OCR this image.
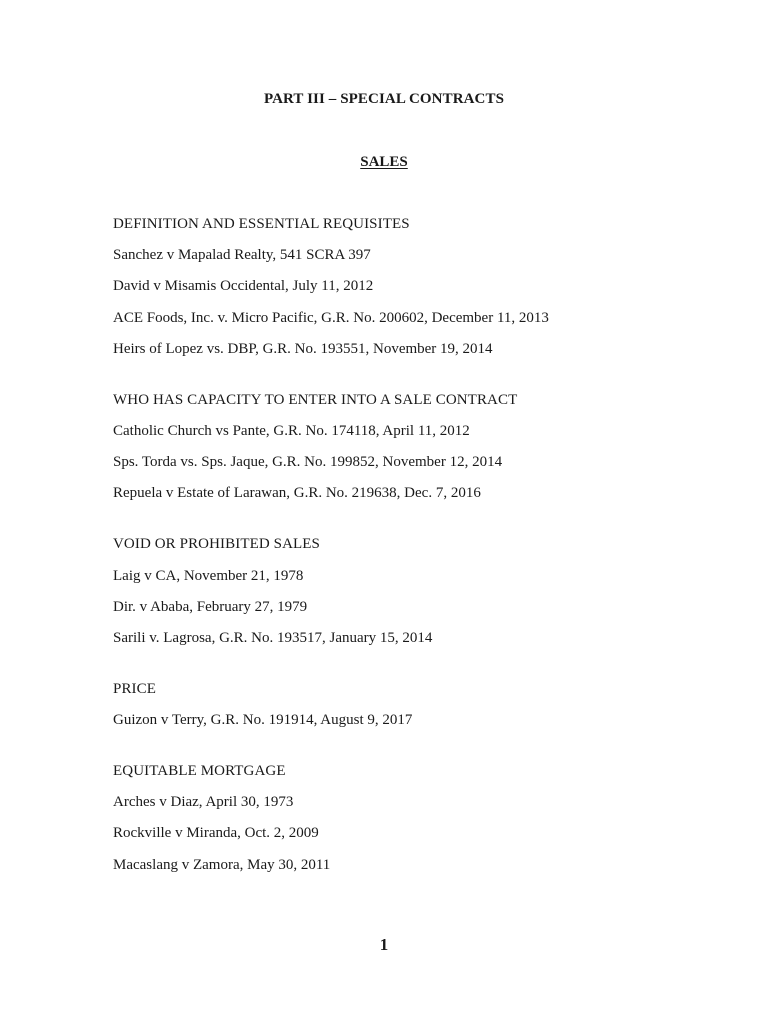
PART III – SPECIAL CONTRACTS
SALES
DEFINITION AND ESSENTIAL REQUISITES
Sanchez v Mapalad Realty, 541 SCRA 397
David v Misamis Occidental, July 11, 2012
ACE Foods, Inc. v. Micro Pacific, G.R. No. 200602, December 11, 2013
Heirs of Lopez vs. DBP, G.R. No. 193551, November 19, 2014
WHO HAS CAPACITY TO ENTER INTO A SALE CONTRACT
Catholic Church vs Pante, G.R. No. 174118, April 11, 2012
Sps. Torda vs. Sps. Jaque, G.R. No. 199852, November 12, 2014
Repuela v Estate of Larawan, G.R. No. 219638, Dec. 7, 2016
VOID OR PROHIBITED SALES
Laig v CA, November 21, 1978
Dir. v Ababa, February 27, 1979
Sarili v. Lagrosa, G.R. No. 193517, January 15, 2014
PRICE
Guizon v Terry, G.R. No. 191914, August 9, 2017
EQUITABLE MORTGAGE
Arches v Diaz, April 30, 1973
Rockville v Miranda, Oct. 2, 2009
Macaslang v Zamora, May 30, 2011
1
